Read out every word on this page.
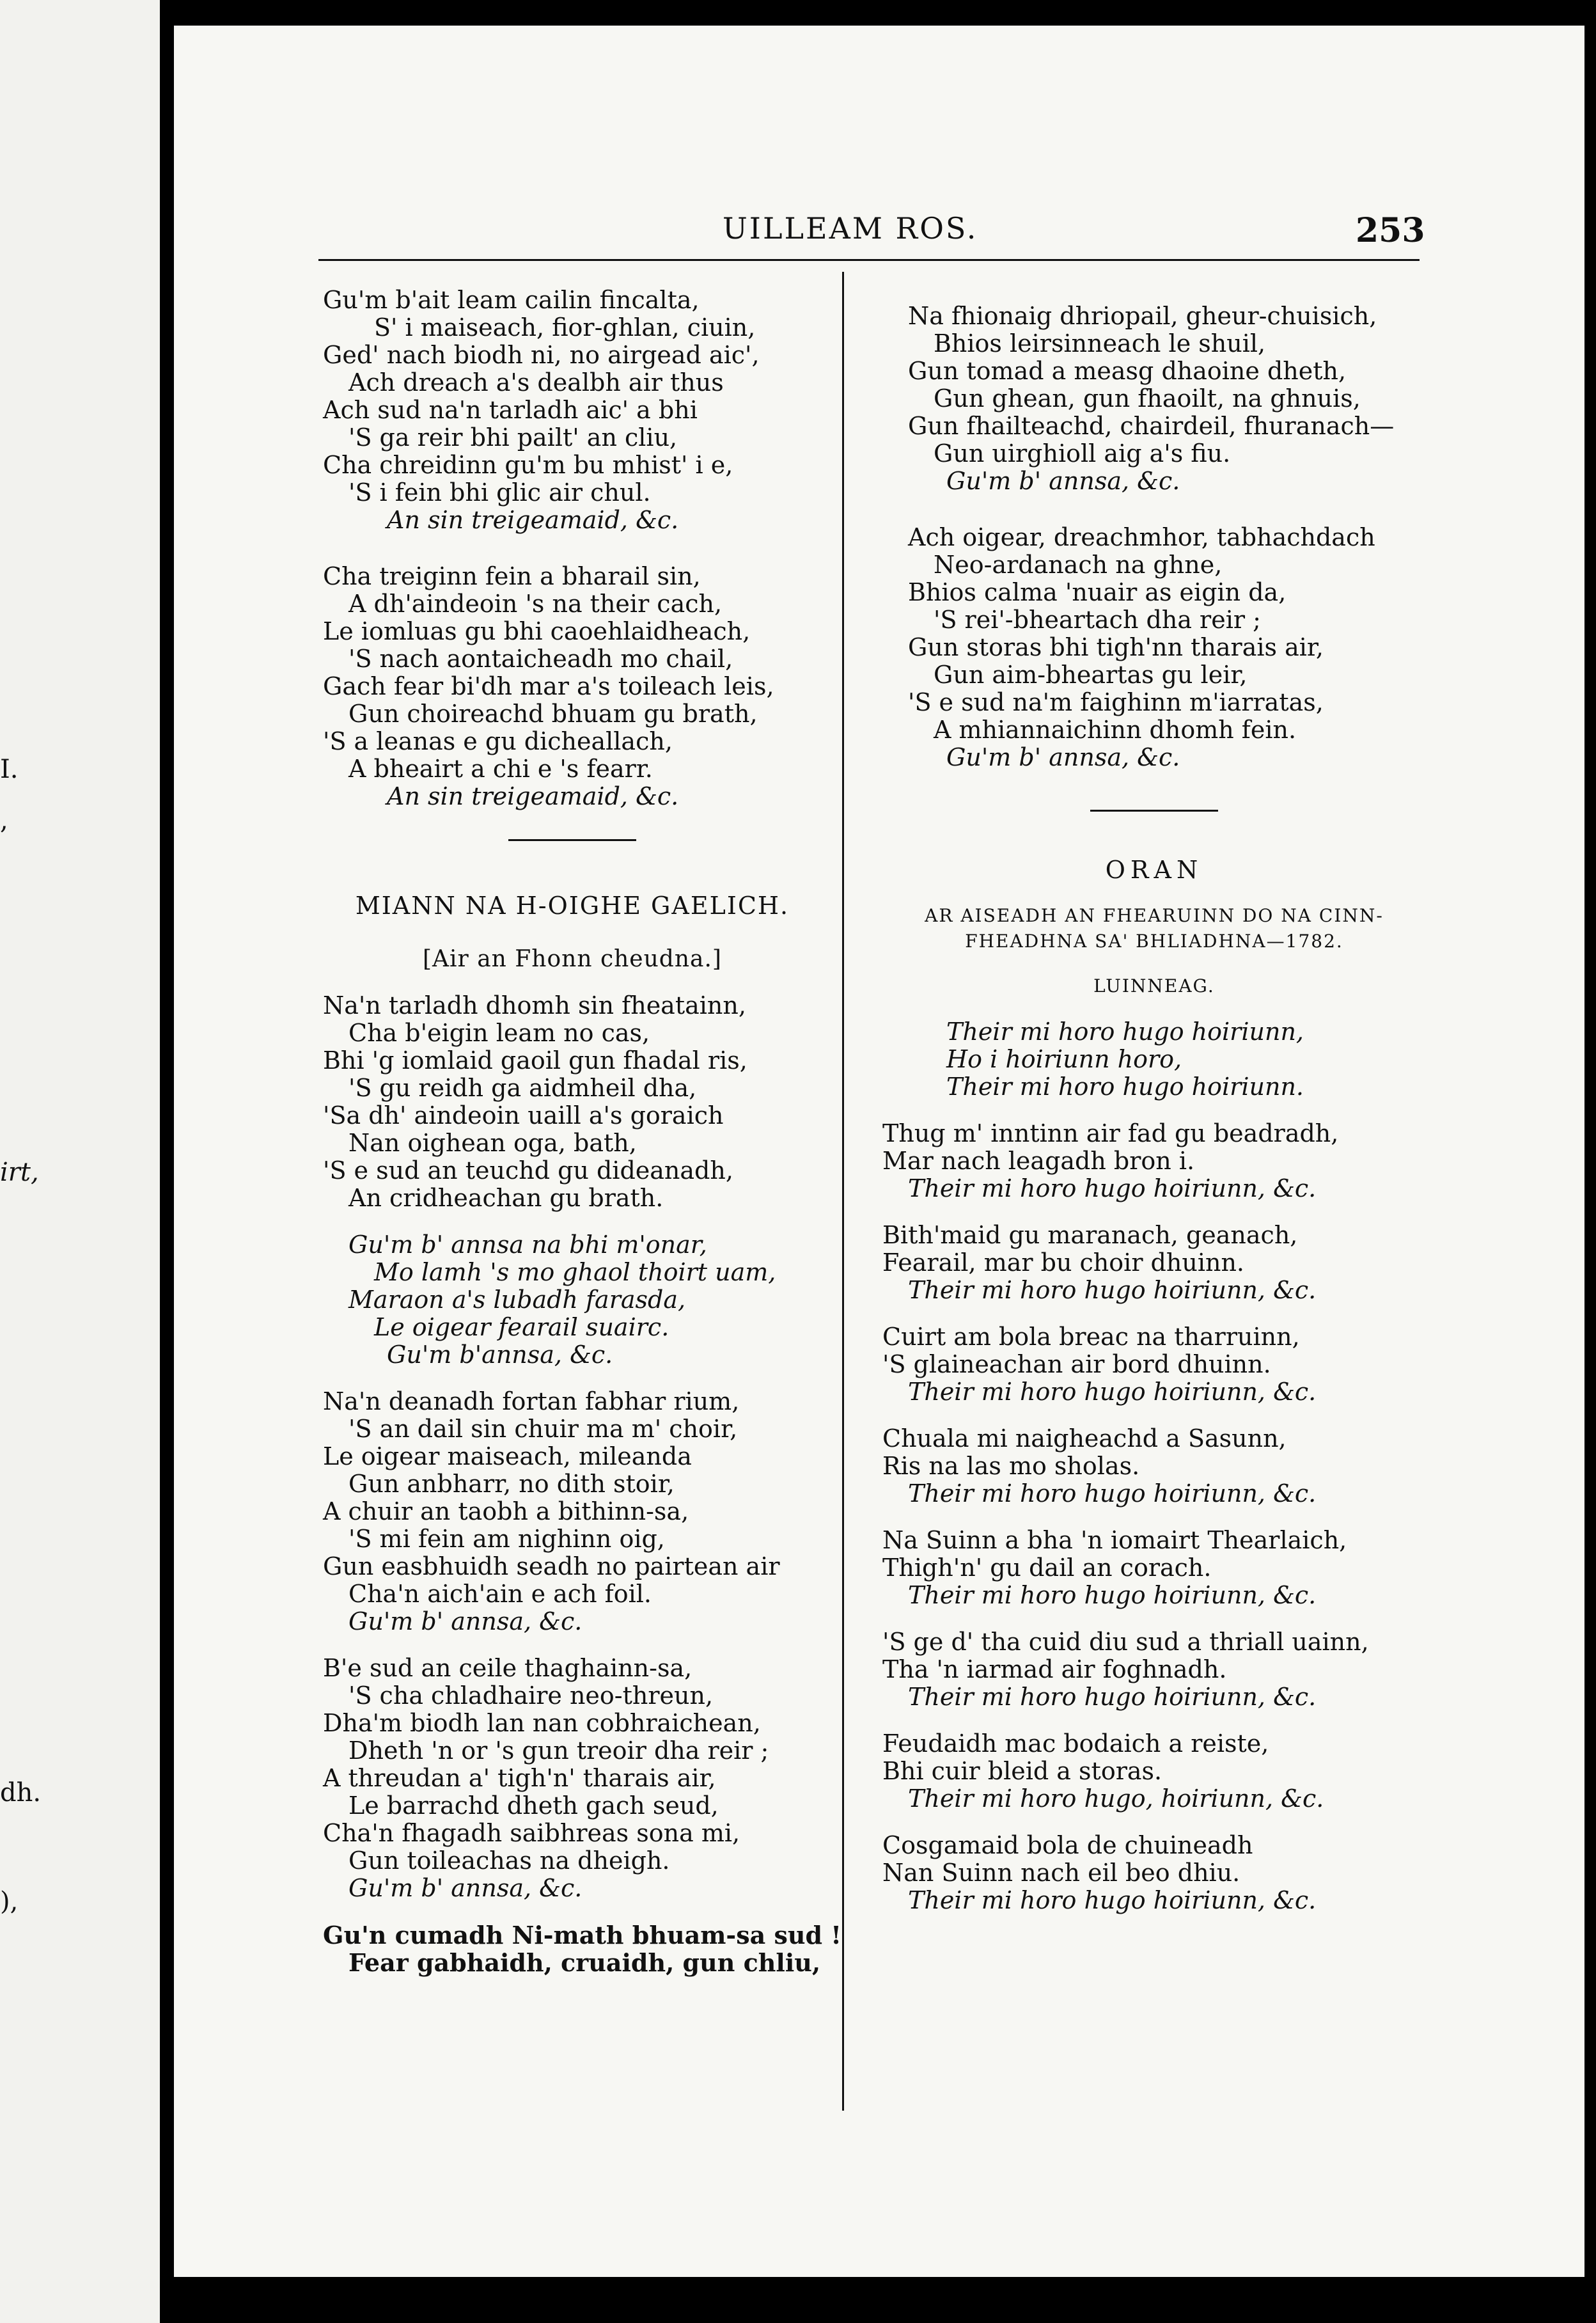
I.
,
irt,
dh.
),
UILLEAM ROS.	253
Gu'm b'ait leam cailin fincalta,
S' i maiseach, fior-ghlan, ciuin,
Ged' nach biodh ni, no airgead aic',
Ach dreach a's dealbh air thus
Ach sud na'n tarladh aic' a bhi
'S ga reir bhi pailt' an cliu,
Cha chreidinn gu'm bu mhist' i e,
'S i fein bhi glic air chul.
An sin treigeamaid, &c.
Cha treiginn fein a bharail sin,
A dh'aindeoin 's na their cach,
Le iomluas gu bhi caoehlaidheach,
'S nach aontaicheadh mo chail,
Gach fear bi'dh mar a's toileach leis,
Gun choireachd bhuam gu brath,
'S a leanas e gu dicheallach,
A bheairt a chi e 's fearr.
An sin treigeamaid, &c.
MIANN NA H-OIGHE GAELICH.
[Air an Fhonn cheudna.]
Na'n tarladh dhomh sin fheatainn,
Cha b'eigin leam no cas,
Bhi 'g iomlaid gaoil gun fhadal ris,
'S gu reidh ga aidmheil dha,
'Sa dh' aindeoin uaill a's goraich
Nan oighean oga, bath,
'S e sud an teuchd gu dideanadh,
An cridheachan gu brath.
Gu'm b' annsa na bhi m'onar,
Mo lamh 's mo ghaol thoirt uam,
Maraon a's lubadh farasda,
Le oigear fearail suairc.
Gu'm b'annsa, &c.
Na'n deanadh fortan fabhar rium,
'S an dail sin chuir ma m' choir,
Le oigear maiseach, mileanda
Gun anbharr, no dith stoir,
A chuir an taobh a bithinn-sa,
'S mi fein am nighinn oig,
Gun easbhuidh seadh no pairtean air
Cha'n aich'ain e ach foil.
Gu'm b' annsa, &c.
B'e sud an ceile thaghainn-sa,
'S cha chladhaire neo-threun,
Dha'm biodh lan nan cobhraichean,
Dheth 'n or 's gun treoir dha reir ;
A threudan a' tigh'n' tharais air,
Le barrachd dheth gach seud,
Cha'n fhagadh saibhreas sona mi,
Gun toileachas na dheigh.
Gu'm b' annsa, &c.
Gu'n cumadh Ni-math bhuam-sa sud !
Fear gabhaidh, cruaidh, gun chliu,
Na fhionaig dhriopail, gheur-chuisich,
Bhios leirsinneach le shuil,
Gun tomad a measg dhaoine dheth,
Gun ghean, gun fhaoilt, na ghnuis,
Gun fhailteachd, chairdeil, fhuranach—
Gun uirghioll aig a's fiu.
Gu'm b' annsa, &c.
Ach oigear, dreachmhor, tabhachdach
Neo-ardanach na ghne,
Bhios calma 'nuair as eigin da,
'S rei'-bheartach dha reir ;
Gun storas bhi tigh'nn tharais air,
Gun aim-bheartas gu leir,
'S e sud na'm faighinn m'iarratas,
A mhiannaichinn dhomh fein.
Gu'm b' annsa, &c.
ORAN
AR AISEADH AN FHEARUINN DO NA CINN-
FHEADHNA SA' BHLIADHNA—1782.
LUINNEAG.
Their mi horo hugo hoiriunn,
Ho i hoiriunn horo,
Their mi horo hugo hoiriunn.
Thug m' inntinn air fad gu beadradh,
Mar nach leagadh bron i.
Their mi horo hugo hoiriunn, &c.
Bith'maid gu maranach, geanach,
Fearail, mar bu choir dhuinn.
Their mi horo hugo hoiriunn, &c.
Cuirt am bola breac na tharruinn,
'S glaineachan air bord dhuinn.
Their mi horo hugo hoiriunn, &c.
Chuala mi naigheachd a Sasunn,
Ris na las mo sholas.
Their mi horo hugo hoiriunn, &c.
Na Suinn a bha 'n iomairt Thearlaich,
Thigh'n' gu dail an corach.
Their mi horo hugo hoiriunn, &c.
'S ge d' tha cuid diu sud a thriall uainn,
Tha 'n iarmad air foghnadh.
Their mi horo hugo hoiriunn, &c.
Feudaidh mac bodaich a reiste,
Bhi cuir bleid a storas.
Their mi horo hugo, hoiriunn, &c.
Cosgamaid bola de chuineadh
Nan Suinn nach eil beo dhiu.
Their mi horo hugo hoiriunn, &c.
